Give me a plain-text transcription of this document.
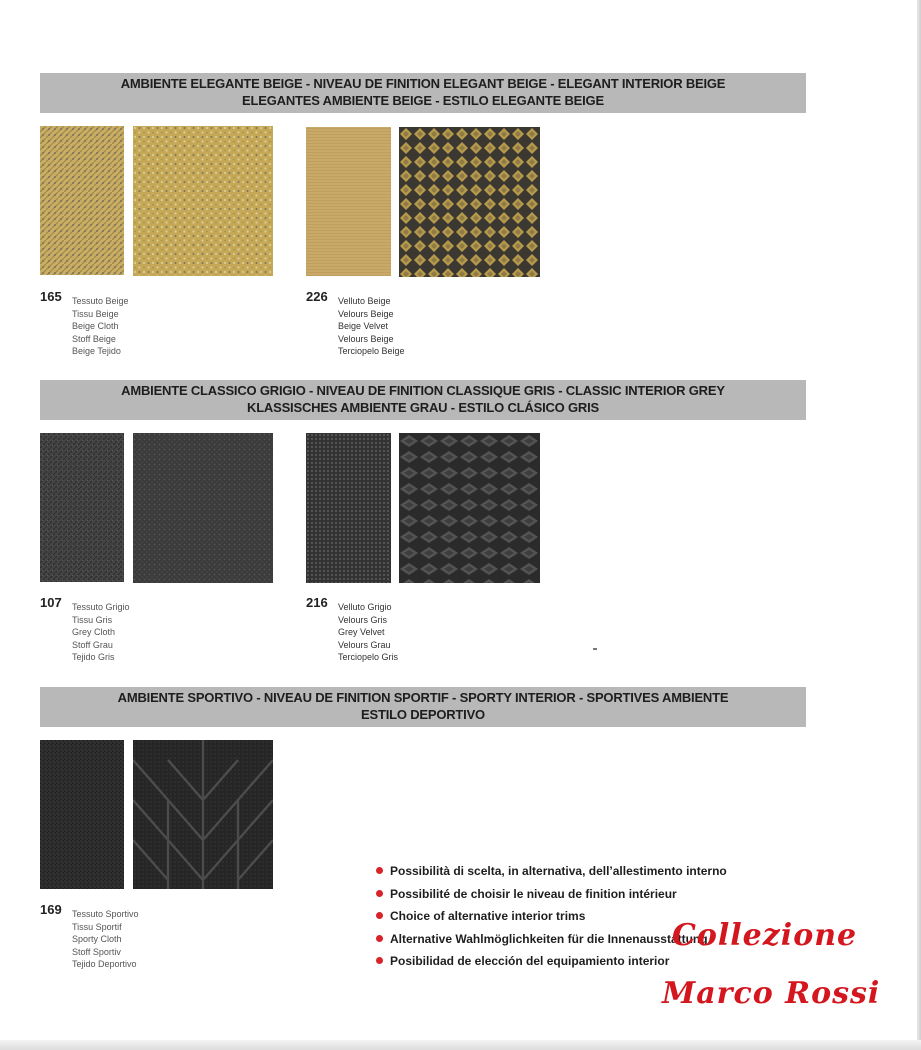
AMBIENTE ELEGANTE BEIGE - NIVEAU DE FINITION ELEGANT BEIGE - ELEGANT INTERIOR BEIGE
ELEGANTES AMBIENTE BEIGE - ESTILO ELEGANTE BEIGE
165 Tessuto Beige
Tissu Beige
Beige Cloth
Stoff Beige
Beige Tejido
226 Velluto Beige
Velours Beige
Beige Velvet
Velours Beige
Terciopelo Beige
AMBIENTE CLASSICO GRIGIO - NIVEAU DE FINITION CLASSIQUE GRIS - CLASSIC INTERIOR GREY
KLASSISCHES AMBIENTE GRAU - ESTILO CLÁSICO GRIS
107 Tessuto Grigio
Tissu Gris
Grey Cloth
Stoff Grau
Tejido Gris
216 Velluto Grigio
Velours Gris
Grey Velvet
Velours Grau
Terciopelo Gris
AMBIENTE SPORTIVO - NIVEAU DE FINITION SPORTIF - SPORTY INTERIOR - SPORTIVES AMBIENTE
ESTILO DEPORTIVO
169 Tessuto Sportivo
Tissu Sportif
Sporty Cloth
Stoff Sportiv
Tejido Deportivo
Possibilità di scelta, in alternativa, dell’allestimento interno
Possibilité de choisir le niveau de finition intérieur
Choice of alternative interior trims
Alternative Wahlmöglichkeiten für die Innenausstattung
Posibilidad de elección del equipamiento interior
Collezione
Marco Rossi
